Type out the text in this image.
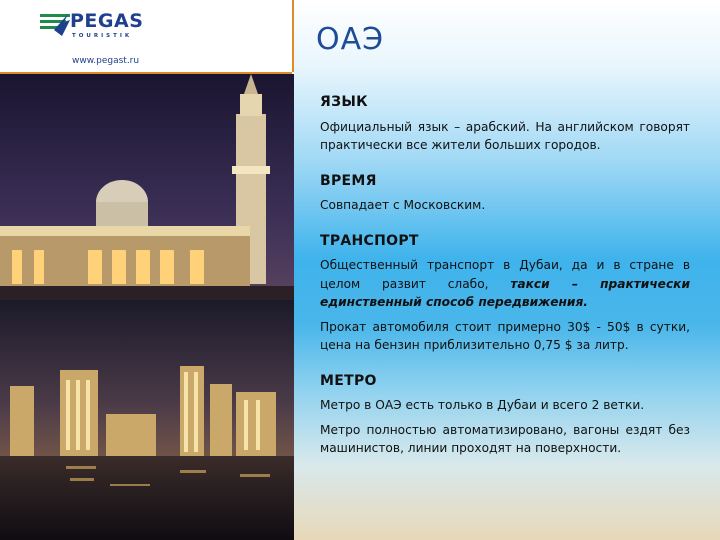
PEGAS
TOURISTIK
www.pegast.ru
ОАЭ
ЯЗЫК
Официальный язык – арабский. На английском говорят практически все жители больших городов.
ВРЕМЯ
Совпадает с Московским.
ТРАНСПОРТ
Общественный транспорт в Дубаи, да и в стране в целом развит слабо, такси – практически единственный способ передвижения.
Прокат автомобиля стоит примерно 30$ - 50$ в сутки, цена на бензин приблизительно 0,75 $ за литр.
МЕТРО
Метро в ОАЭ есть только в Дубаи и всего 2 ветки.
Метро полностью автоматизировано, вагоны ездят без машинистов, линии проходят на поверхности.
